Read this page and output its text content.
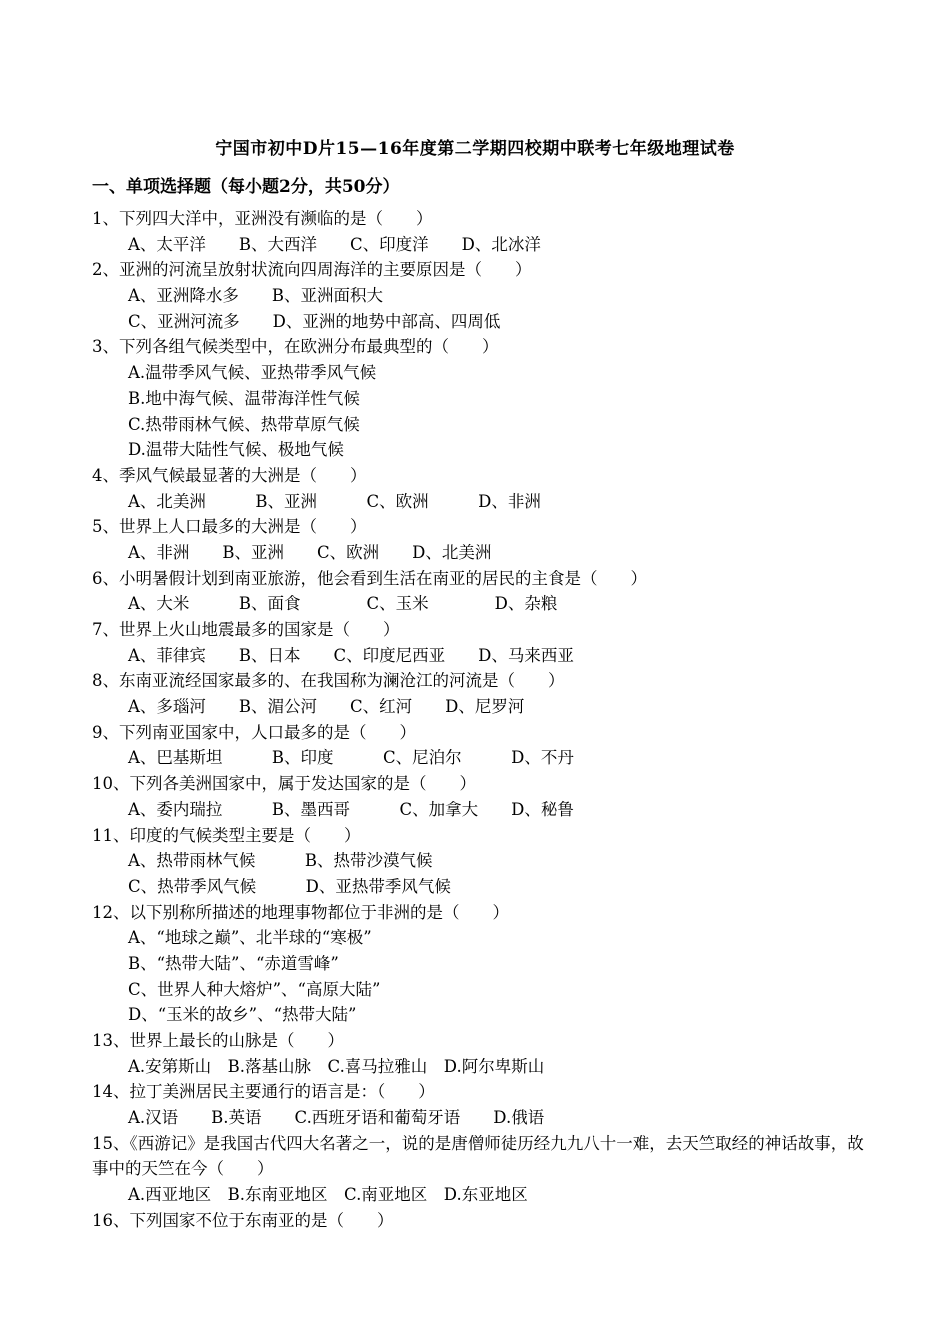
宁国市初中D片15—16年度第二学期四校期中联考七年级地理试卷
一、单项选择题（每小题2分，共50分）
1、下列四大洋中，亚洲没有濒临的是（　　）
A、太平洋　　B、大西洋　　C、印度洋　　D、北冰洋
2、亚洲的河流呈放射状流向四周海洋的主要原因是（　　）
A、亚洲降水多　　B、亚洲面积大
C、亚洲河流多　　D、亚洲的地势中部高、四周低
3、下列各组气候类型中，在欧洲分布最典型的（　　）
A.温带季风气候、亚热带季风气候
B.地中海气候、温带海洋性气候
C.热带雨林气候、热带草原气候
D.温带大陆性气候、极地气候
4、季风气候最显著的大洲是（　　）
A、北美洲　　　B、亚洲　　　C、欧洲　　　D、非洲
5、世界上人口最多的大洲是（　　）
A、非洲　　B、亚洲　　C、欧洲　　D、北美洲
6、小明暑假计划到南亚旅游，他会看到生活在南亚的居民的主食是（　　）
A、大米　　　B、面食　　　　C、玉米　　　　D、杂粮
7、世界上火山地震最多的国家是（　　）
A、菲律宾　　B、日本　　C、印度尼西亚　　D、马来西亚
8、东南亚流经国家最多的、在我国称为澜沧江的河流是（　　）
A、多瑙河　　B、湄公河　　C、红河　　D、尼罗河
9、下列南亚国家中，人口最多的是（　　）
A、巴基斯坦　　　B、印度　　　C、尼泊尔　　　D、不丹
10、下列各美洲国家中，属于发达国家的是（　　）
A、委内瑞拉　　　B、墨西哥　　　C、加拿大　　D、秘鲁
11、印度的气候类型主要是（　　）
A、热带雨林气候　　　B、热带沙漠气候
C、热带季风气候　　　D、亚热带季风气候
12、以下别称所描述的地理事物都位于非洲的是（　　）
A、“地球之巅”、北半球的“寒极”
B、“热带大陆”、“赤道雪峰”
C、世界人种大熔炉”、“高原大陆”
D、“玉米的故乡”、“热带大陆”
13、世界上最长的山脉是（　　）
A.安第斯山　B.落基山脉　C.喜马拉雅山　D.阿尔卑斯山
14、拉丁美洲居民主要通行的语言是：（　　）
A.汉语　　B.英语　　C.西班牙语和葡萄牙语　　D.俄语
15、《西游记》是我国古代四大名著之一，说的是唐僧师徒历经九九八十一难，去天竺取经的神话故事，故事中的天竺在今（　　）
A.西亚地区　B.东南亚地区　C.南亚地区　D.东亚地区
16、下列国家不位于东南亚的是（　　）
